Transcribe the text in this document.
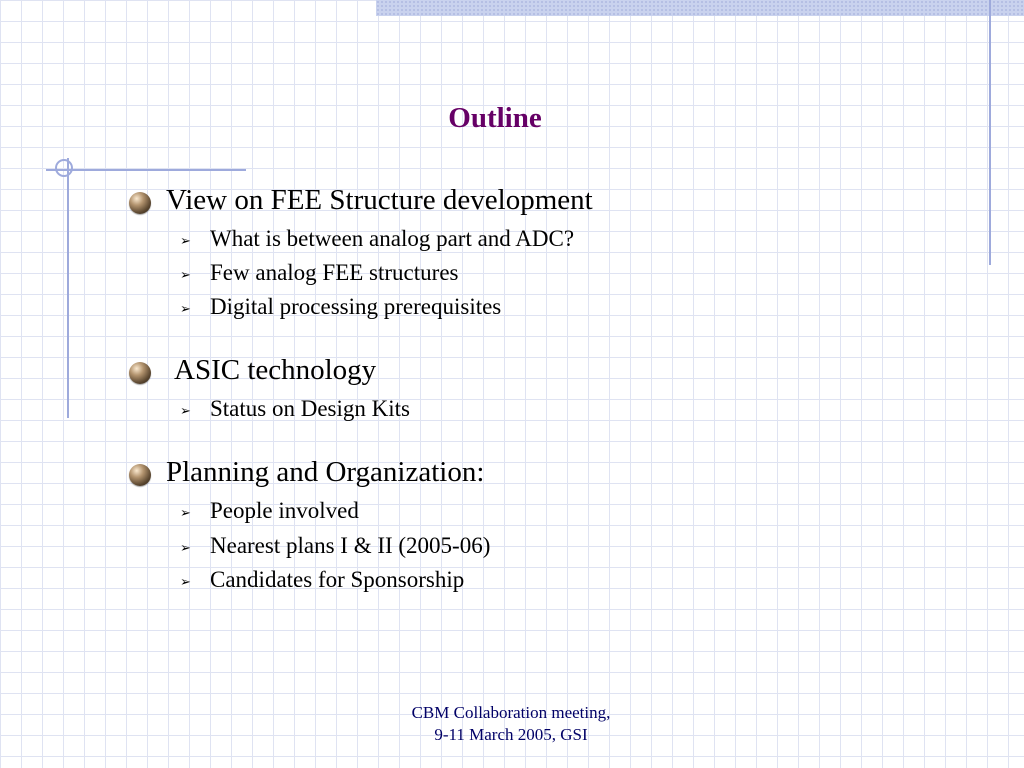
Outline
View on FEE Structure development
➢ What is between analog part and ADC?
➢ Few analog FEE structures
➢ Digital processing prerequisites
ASIC technology
➢ Status on Design Kits
Planning and Organization:
➢ People involved
➢ Nearest plans I & II (2005-06)
➢ Candidates for Sponsorship
CBM Collaboration meeting,
9-11 March 2005, GSI
